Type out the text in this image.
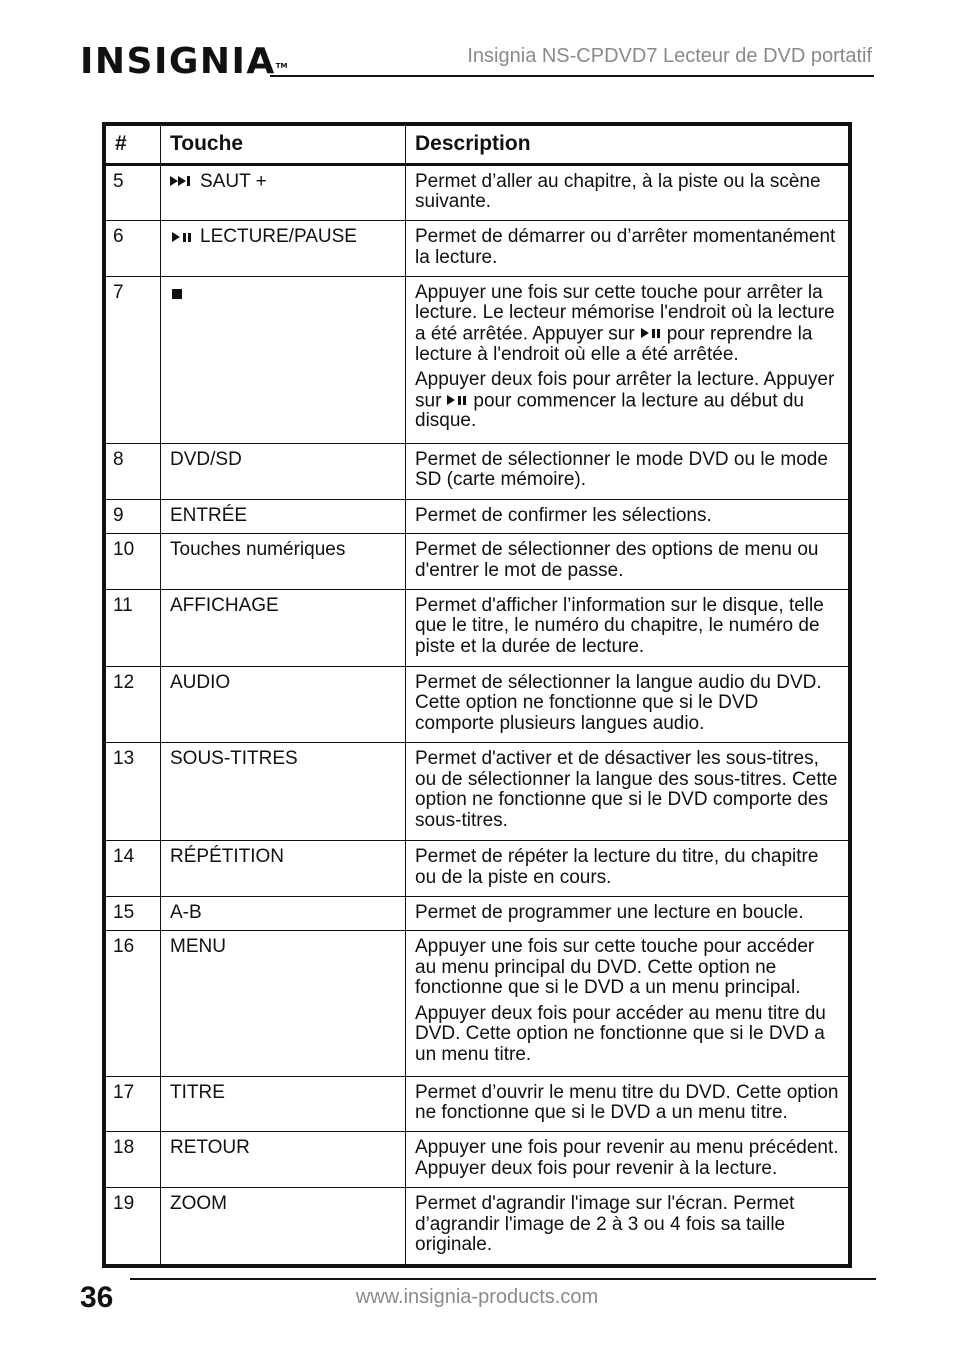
INSIGNIA™	Insignia NS-CPDVD7 Lecteur de DVD portatif
#	Touche	Description
5	SAUT +	Permet d’aller au chapitre, à la piste ou la scène suivante.

6	LECTURE/PAUSE	Permet de démarrer ou d’arrêter momentanément la lecture.

7		Appuyer une fois sur cette touche pour arrêter la lecture. Le lecteur mémorise l'endroit où la lecture a été arrêtée. Appuyer sur pour reprendre la lecture à l'endroit où elle a été arrêtée.

Appuyer deux fois pour arrêter la lecture. Appuyer sur pour commencer la lecture au début du disque.

8	DVD/SD	Permet de sélectionner le mode DVD ou le mode SD (carte mémoire).

9	ENTRÉE	Permet de confirmer les sélections.

10	Touches numériques	Permet de sélectionner des options de menu ou d'entrer le mot de passe.

11	AFFICHAGE	Permet d'afficher l’information sur le disque, telle que le titre, le numéro du chapitre, le numéro de piste et la durée de lecture.

12	AUDIO	Permet de sélectionner la langue audio du DVD. Cette option ne fonctionne que si le DVD comporte plusieurs langues audio.

13	SOUS-TITRES	Permet d'activer et de désactiver les sous-titres, ou de sélectionner la langue des sous-titres. Cette option ne fonctionne que si le DVD comporte des sous-titres.

14	RÉPÉTITION	Permet de répéter la lecture du titre, du chapitre ou de la piste en cours.

15	A-B	Permet de programmer une lecture en boucle.

16	MENU	Appuyer une fois sur cette touche pour accéder au menu principal du DVD. Cette option ne fonctionne que si le DVD a un menu principal.

Appuyer deux fois pour accéder au menu titre du DVD. Cette option ne fonctionne que si le DVD a un menu titre.

17	TITRE	Permet d’ouvrir le menu titre du DVD. Cette option ne fonctionne que si le DVD a un menu titre.

18	RETOUR	Appuyer une fois pour revenir au menu précédent. Appuyer deux fois pour revenir à la lecture.

19	ZOOM	Permet d'agrandir l'image sur l'écran. Permet d’agrandir l'image de 2 à 3 ou 4 fois sa taille originale.

36	www.insignia-products.com
